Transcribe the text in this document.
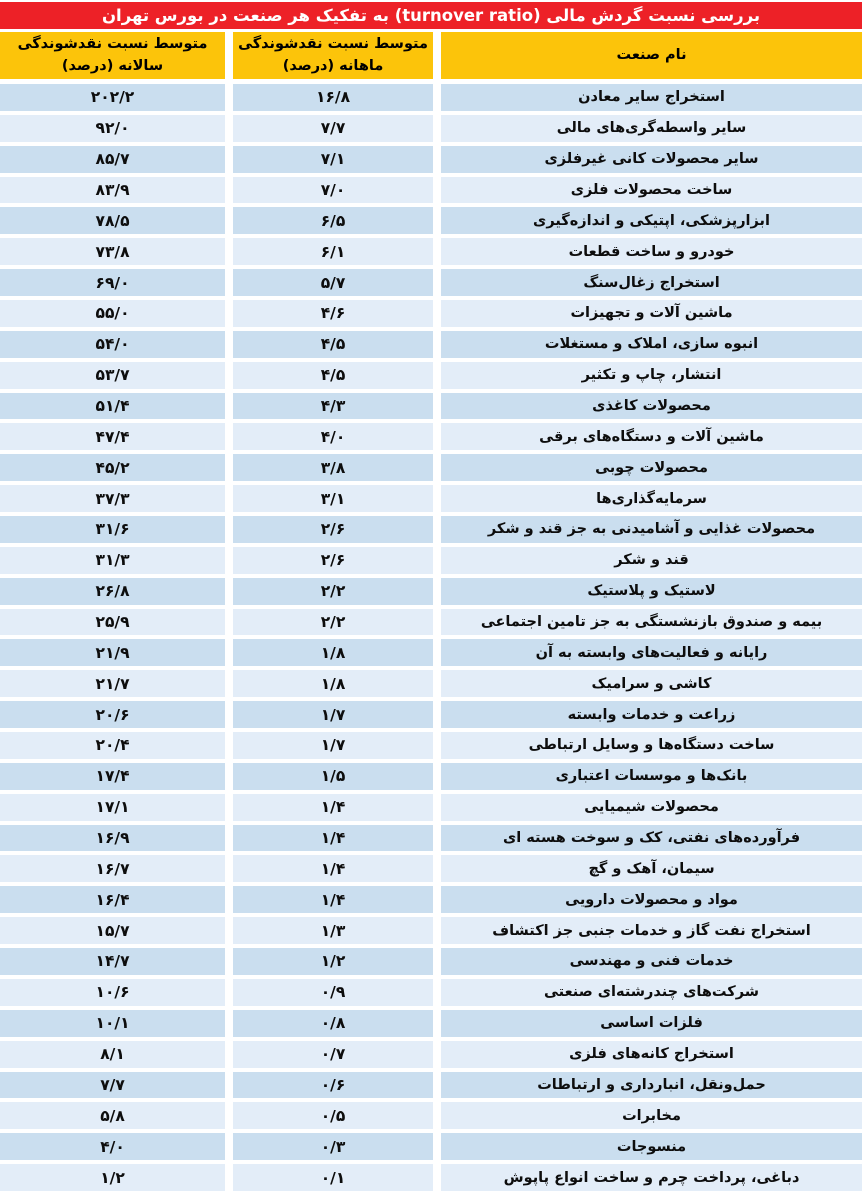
بررسی نسبت گردش مالی (turnover ratio) به تفکیک هر صنعت در بورس تهران
نام صنعت
متوسط نسبت نقدشوندگی
ماهانه (درصد)
متوسط نسبت نقدشوندگی
سالانه (درصد)
استخراج سایر معادن
۱۶/۸
۲۰۲/۲
سایر واسطه‌گری‌های مالی
۷/۷
۹۲/۰
سایر محصولات کانی غیرفلزی
۷/۱
۸۵/۷
ساخت محصولات فلزی
۷/۰
۸۳/۹
ابزارپزشکی، اپتیکی و اندازه‌گیری
۶/۵
۷۸/۵
خودرو و ساخت قطعات
۶/۱
۷۳/۸
استخراج زغال‌سنگ
۵/۷
۶۹/۰
ماشین آلات و تجهیزات
۴/۶
۵۵/۰
انبوه سازی، املاک و مستغلات
۴/۵
۵۴/۰
انتشار، چاپ و تکثیر
۴/۵
۵۳/۷
محصولات کاغذی
۴/۳
۵۱/۴
ماشین آلات و دستگاه‌های برقی
۴/۰
۴۷/۴
محصولات چوبی
۳/۸
۴۵/۲
سرمایه‌گذاری‌ها
۳/۱
۳۷/۳
محصولات غذایی و آشامیدنی به جز قند و شکر
۲/۶
۳۱/۶
قند و شکر
۲/۶
۳۱/۳
لاستیک و پلاستیک
۲/۲
۲۶/۸
بیمه و صندوق بازنشستگی به جز تامین اجتماعی
۲/۲
۲۵/۹
رایانه و فعالیت‌های وابسته به آن
۱/۸
۲۱/۹
کاشی و سرامیک
۱/۸
۲۱/۷
زراعت و خدمات وابسته
۱/۷
۲۰/۶
ساخت دستگاه‌ها و وسایل ارتباطی
۱/۷
۲۰/۴
بانک‌ها و موسسات اعتباری
۱/۵
۱۷/۴
محصولات شیمیایی
۱/۴
۱۷/۱
فرآورده‌های نفتی، کک و سوخت هسته ای
۱/۴
۱۶/۹
سیمان، آهک و گچ
۱/۴
۱۶/۷
مواد و محصولات دارویی
۱/۴
۱۶/۴
استخراج نفت گاز و خدمات جنبی جز اکتشاف
۱/۳
۱۵/۷
خدمات فنی و مهندسی
۱/۲
۱۴/۷
شرکت‌های چندرشته‌ای صنعتی
۰/۹
۱۰/۶
فلزات اساسی
۰/۸
۱۰/۱
استخراج کانه‌های فلزی
۰/۷
۸/۱
حمل‌ونقل، انبارداری و ارتباطات
۰/۶
۷/۷
مخابرات
۰/۵
۵/۸
منسوجات
۰/۳
۴/۰
دباغی، پرداخت چرم و ساخت انواع پاپوش
۰/۱
۱/۲
